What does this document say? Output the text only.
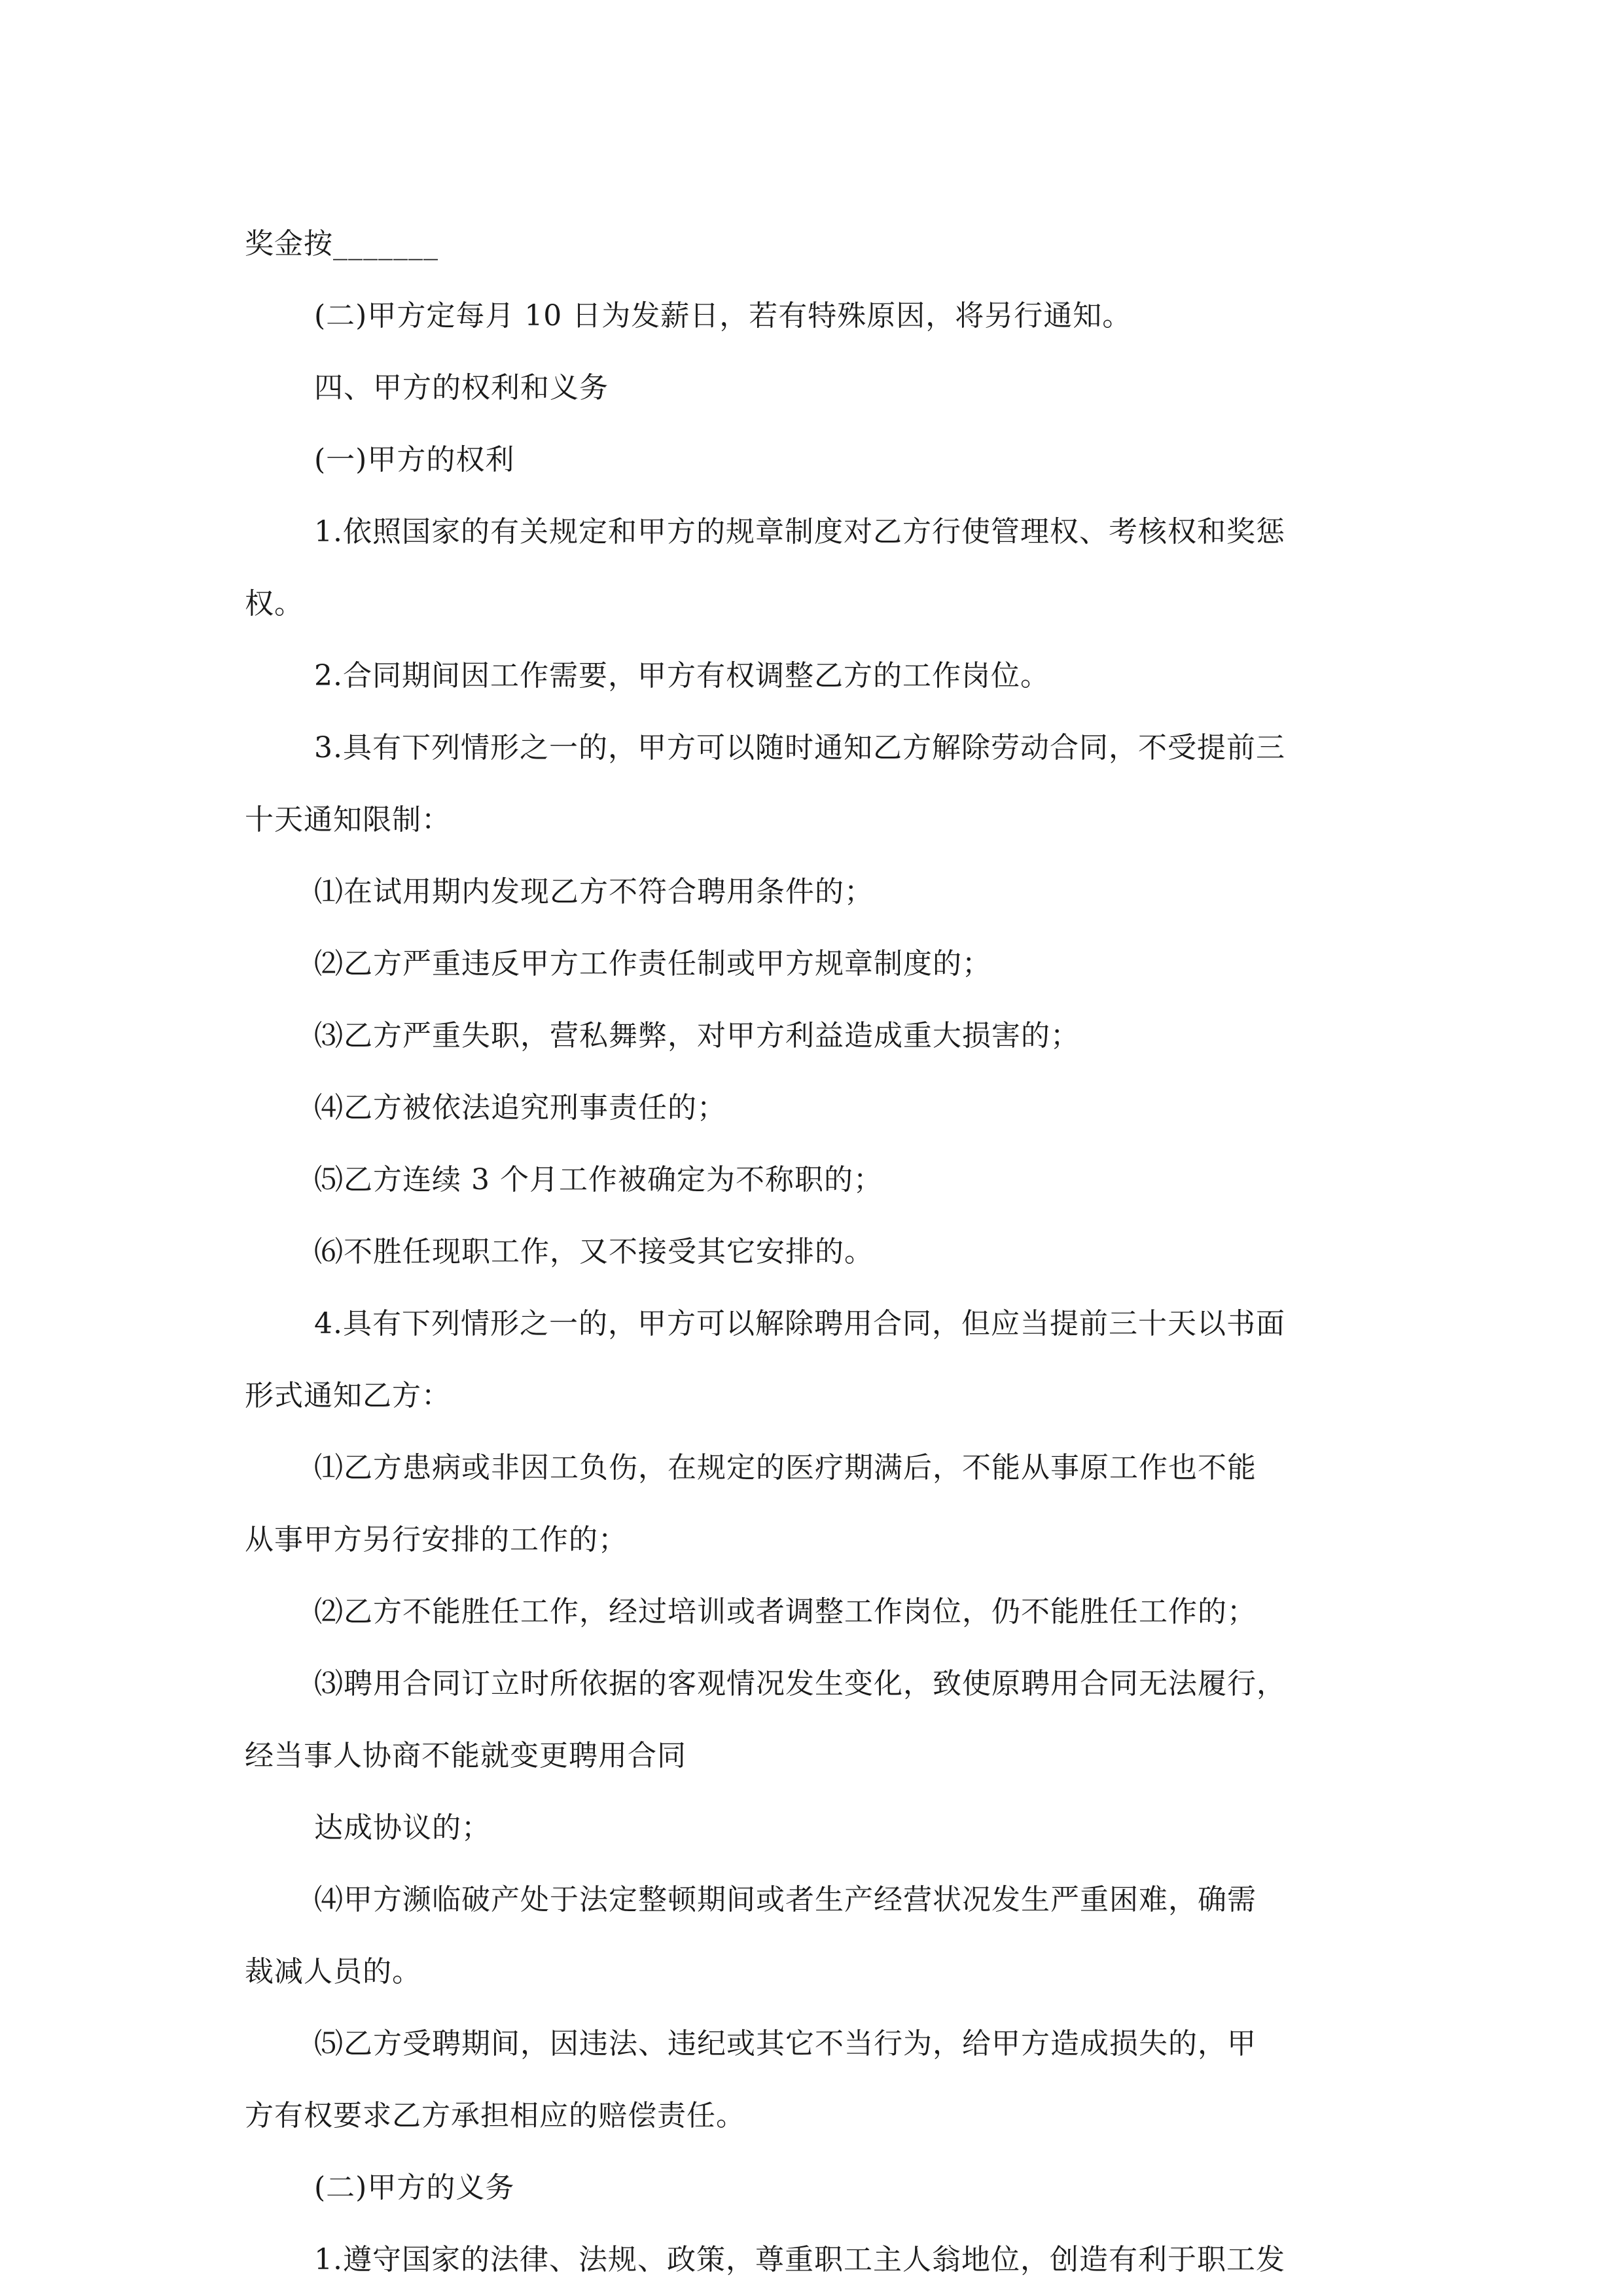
奖金按_______
(二)甲方定每月 10 日为发薪日，若有特殊原因，将另行通知。
四、甲方的权利和义务
(一)甲方的权利
1.依照国家的有关规定和甲方的规章制度对乙方行使管理权、考核权和奖惩
权。
2.合同期间因工作需要，甲方有权调整乙方的工作岗位。
3.具有下列情形之一的，甲方可以随时通知乙方解除劳动合同，不受提前三
十天通知限制：
⑴在试用期内发现乙方不符合聘用条件的；
⑵乙方严重违反甲方工作责任制或甲方规章制度的；
⑶乙方严重失职，营私舞弊，对甲方利益造成重大损害的；
⑷乙方被依法追究刑事责任的；
⑸乙方连续 3 个月工作被确定为不称职的；
⑹不胜任现职工作，又不接受其它安排的。
4.具有下列情形之一的，甲方可以解除聘用合同，但应当提前三十天以书面
形式通知乙方：
⑴乙方患病或非因工负伤，在规定的医疗期满后，不能从事原工作也不能
从事甲方另行安排的工作的；
⑵乙方不能胜任工作，经过培训或者调整工作岗位，仍不能胜任工作的；
⑶聘用合同订立时所依据的客观情况发生变化，致使原聘用合同无法履行，
经当事人协商不能就变更聘用合同
达成协议的；
⑷甲方濒临破产处于法定整顿期间或者生产经营状况发生严重困难，确需
裁减人员的。
⑸乙方受聘期间，因违法、违纪或其它不当行为，给甲方造成损失的，甲
方有权要求乙方承担相应的赔偿责任。
(二)甲方的义务
1.遵守国家的法律、法规、政策，尊重职工主人翁地位，创造有利于职工发
